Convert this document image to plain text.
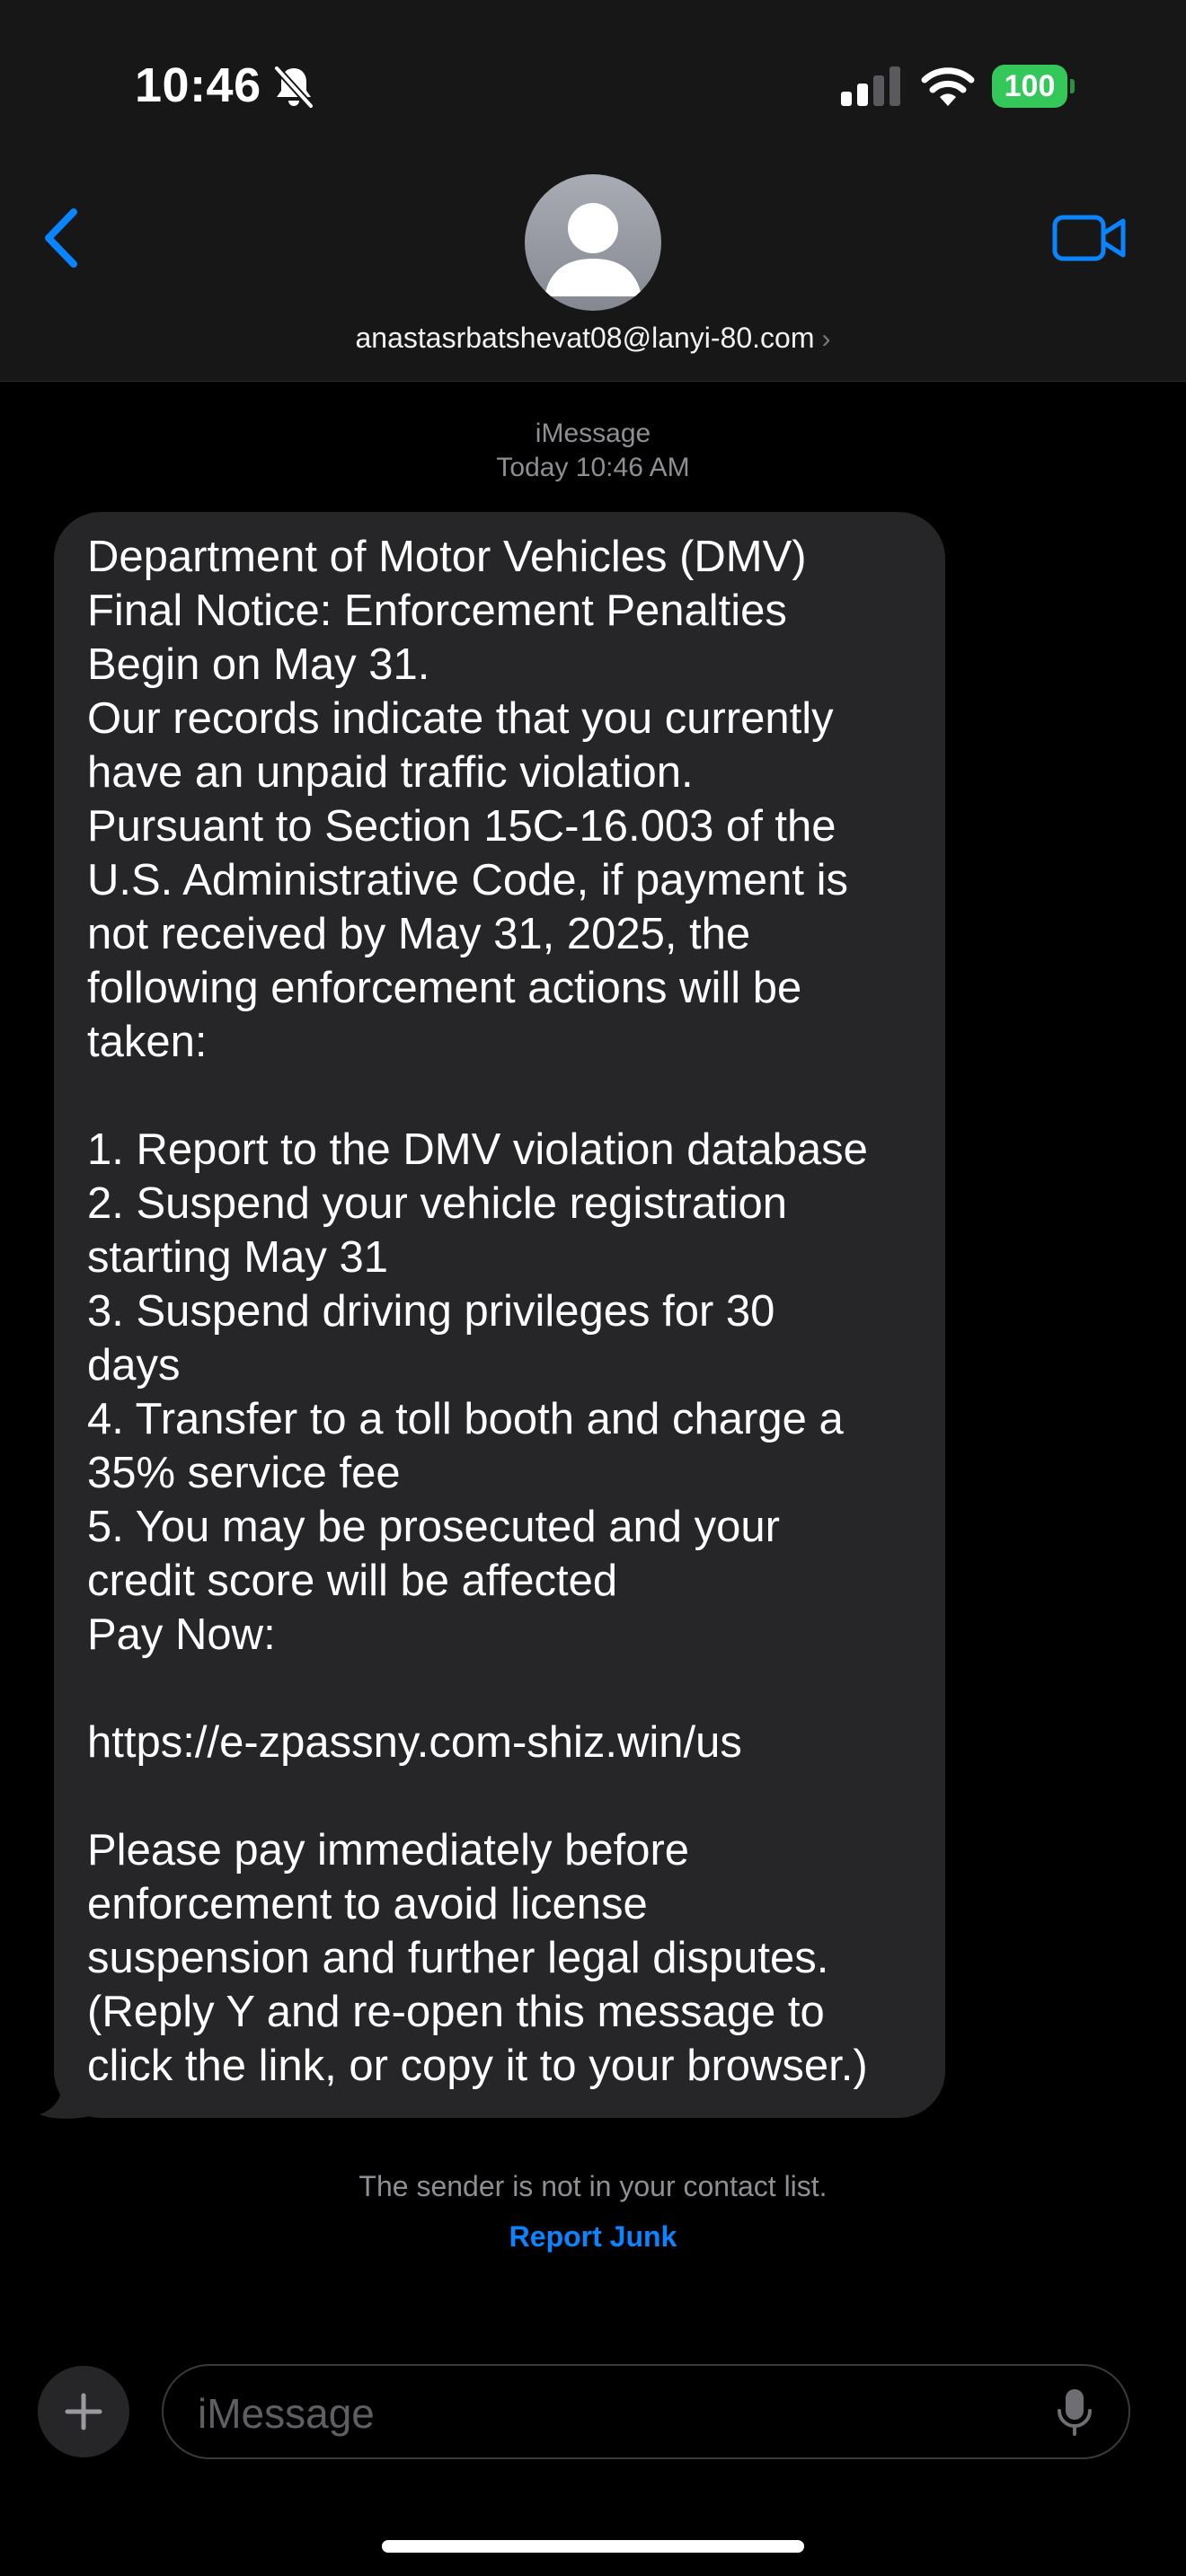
10:46	100
anastasrbatshevat08@lanyi-80.com ›
iMessage
Today 10:46 AM
Department of Motor Vehicles (DMV)
Final Notice: Enforcement Penalties
Begin on May 31.
Our records indicate that you currently
have an unpaid traffic violation.
Pursuant to Section 15C-16.003 of the
U.S. Administrative Code, if payment is
not received by May 31, 2025, the
following enforcement actions will be
taken:

1. Report to the DMV violation database
2. Suspend your vehicle registration
starting May 31
3. Suspend driving privileges for 30
days
4. Transfer to a toll booth and charge a
35% service fee
5. You may be prosecuted and your
credit score will be affected
Pay Now:

https://e-zpassny.com-shiz.win/us

Please pay immediately before
enforcement to avoid license
suspension and further legal disputes.
(Reply Y and re-open this message to
click the link, or copy it to your browser.)
The sender is not in your contact list.
Report Junk
iMessage
